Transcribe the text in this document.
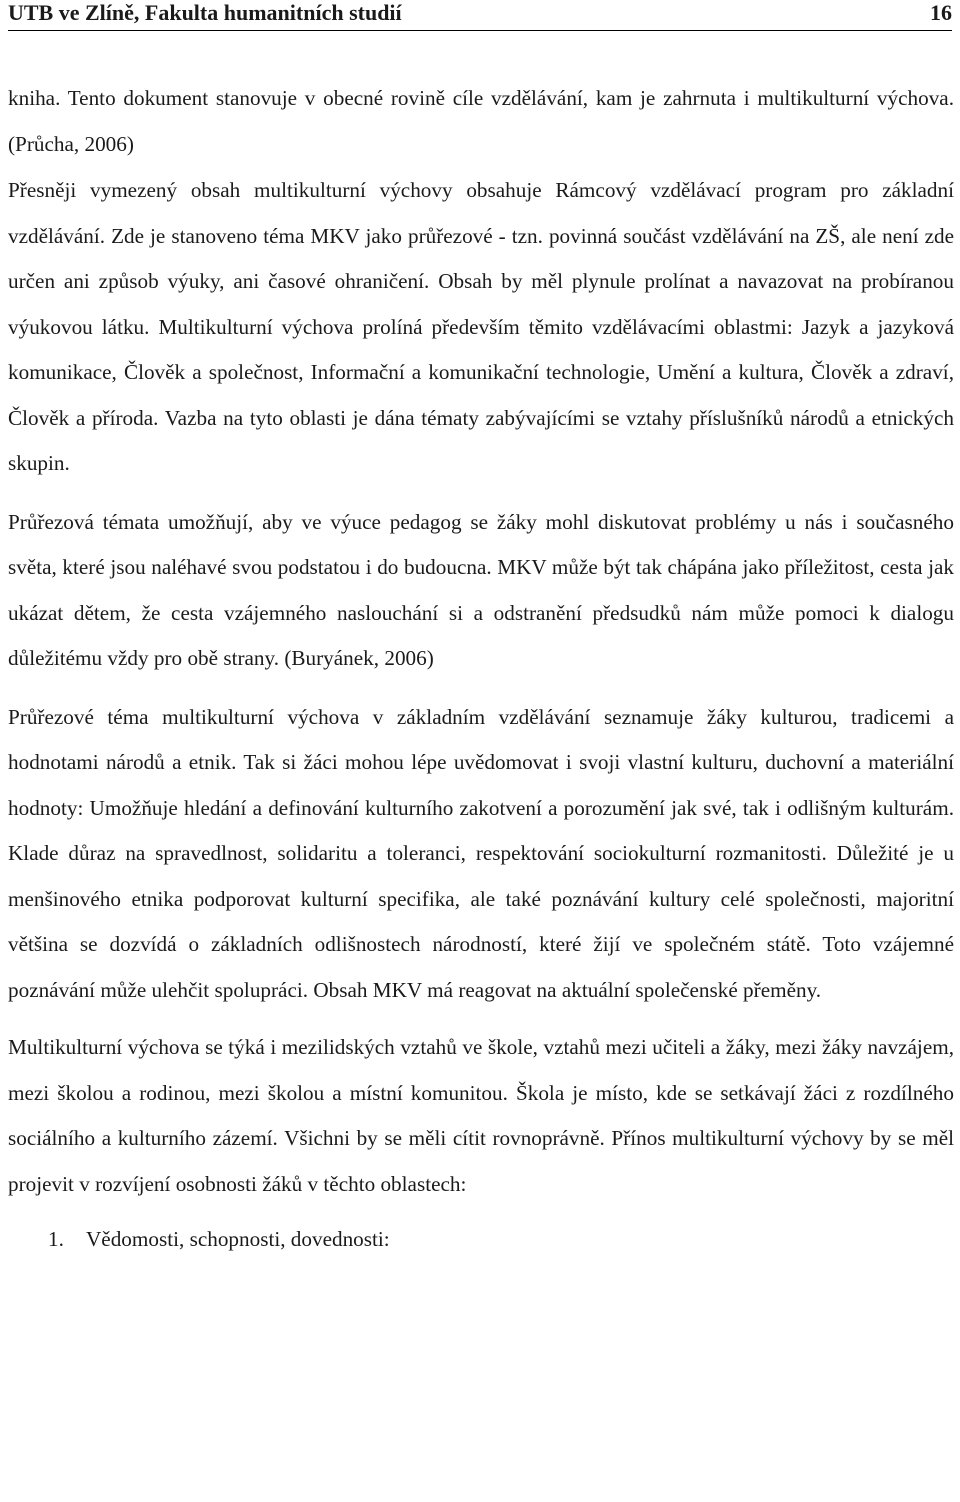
UTB ve Zlíně, Fakulta humanitních studií	16

kniha. Tento dokument stanovuje v obecné rovině cíle vzdělávání, kam je zahrnuta i multikulturní výchova. (Průcha, 2006)

Přesněji vymezený obsah multikulturní výchovy obsahuje Rámcový vzdělávací program pro základní vzdělávání. Zde je stanoveno téma MKV jako průřezové - tzn. povinná součást vzdělávání na ZŠ, ale není zde určen ani způsob výuky, ani časové ohraničení. Obsah by měl plynule prolínat a navazovat na probíranou výukovou látku. Multikulturní výchova prolíná především těmito vzdělávacími oblastmi: Jazyk a jazyková komunikace, Člověk a společnost, Informační a komunikační technologie, Umění a kultura, Člověk a zdraví, Člověk a příroda. Vazba na tyto oblasti je dána tématy zabývajícími se vztahy příslušníků národů a etnických skupin.

Průřezová témata umožňují, aby ve výuce pedagog se žáky mohl diskutovat problémy u nás i současného světa, které jsou naléhavé svou podstatou i do budoucna. MKV může být tak chápána jako příležitost, cesta jak ukázat dětem, že cesta vzájemného naslouchání si a odstranění předsudků nám může pomoci k dialogu důležitému vždy pro obě strany. (Buryánek, 2006)

Průřezové téma multikulturní výchova v základním vzdělávání seznamuje žáky kulturou, tradicemi a hodnotami národů a etnik. Tak si žáci mohou lépe uvědomovat i svoji vlastní kulturu, duchovní a materiální hodnoty: Umožňuje hledání a definování kulturního zakotvení a porozumění jak své, tak i odlišným kulturám. Klade důraz na spravedlnost, solidaritu a toleranci, respektování sociokulturní rozmanitosti. Důležité je u menšinového etnika podporovat kulturní specifika, ale také poznávání kultury celé společnosti, majoritní většina se dozvídá o základních odlišnostech národností, které žijí ve společném státě. Toto vzájemné poznávání může ulehčit spolupráci. Obsah MKV má reagovat na aktuální společenské přeměny.

Multikulturní výchova se týká i mezilidských vztahů ve škole, vztahů mezi učiteli a žáky, mezi žáky navzájem, mezi školou a rodinou, mezi školou a místní komunitou. Škola je místo, kde se setkávají žáci z rozdílného sociálního a kulturního zázemí. Všichni by se měli cítit rovnoprávně. Přínos multikulturní výchovy by se měl projevit v rozvíjení osobnosti žáků v těchto oblastech:

1.	Vědomosti, schopnosti, dovednosti:
